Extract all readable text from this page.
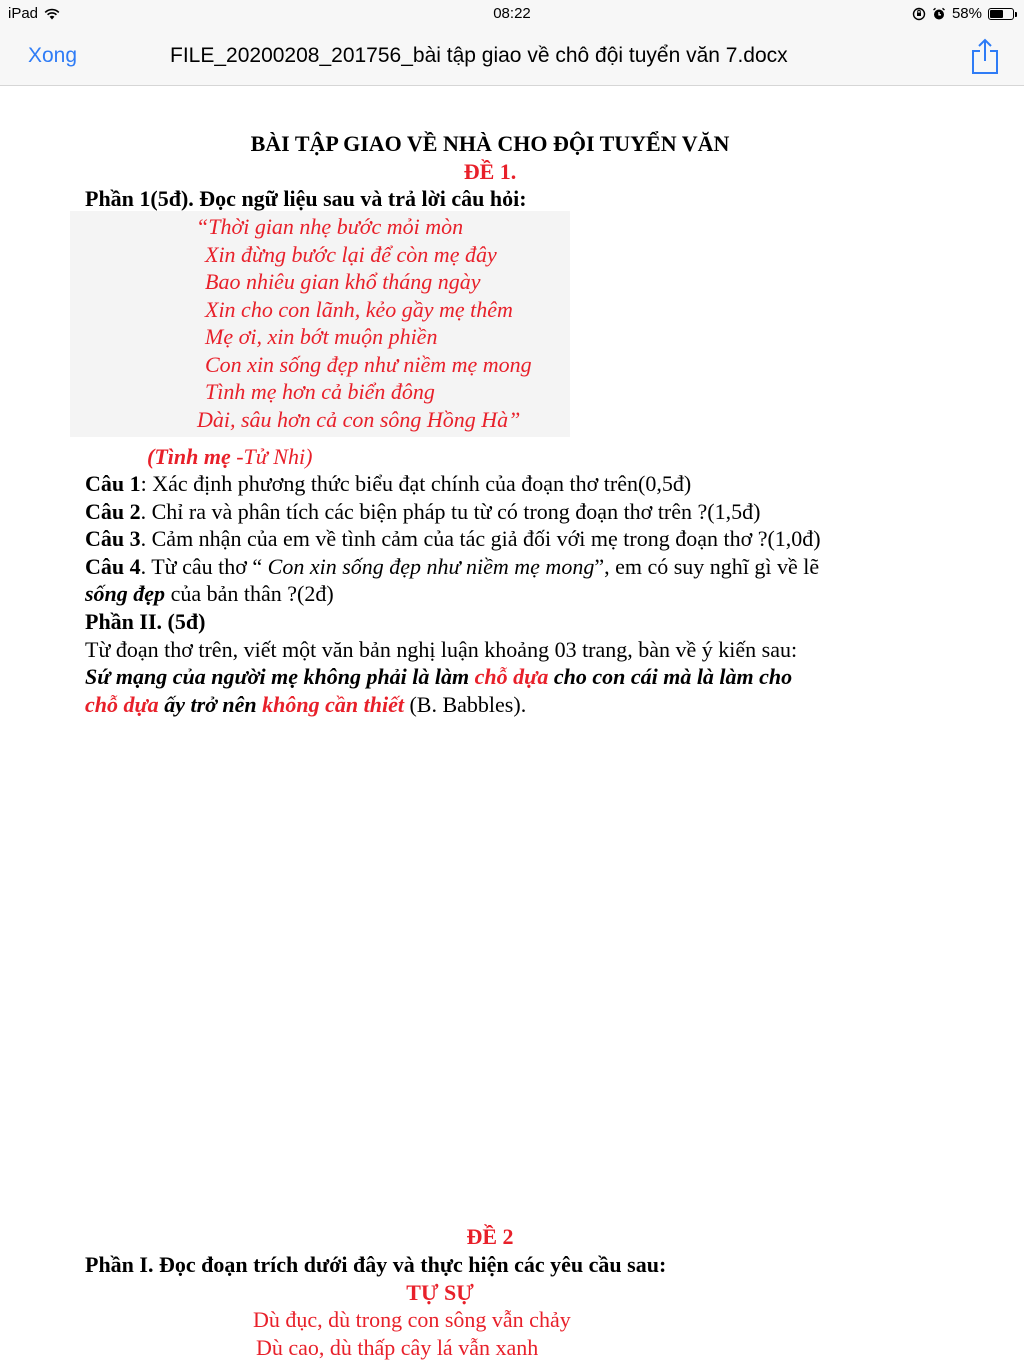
iPad	08:22	58%
Xong	FILE_20200208_201756_bài tập giao về chô đội tuyển văn 7.docx
BÀI TẬP GIAO VỀ NHÀ CHO ĐỘI TUYỂN VĂN
ĐỀ 1.
Phần 1(5đ). Đọc ngữ liệu sau và trả lời câu hỏi:
“Thời gian nhẹ bước mỏi mòn
Xin đừng bước lại để còn mẹ đây
Bao nhiêu gian khổ tháng ngày
Xin cho con lãnh, kẻo gầy mẹ thêm
Mẹ ơi, xin bớt muộn phiền
Con xin sống đẹp như niềm mẹ mong
Tình mẹ hơn cả biển đông
Dài, sâu hơn cả con sông Hồng Hà”
(Tình mẹ -Tử Nhi)
Câu 1: Xác định phương thức biểu đạt chính của đoạn thơ trên(0,5đ)
Câu 2. Chỉ ra và phân tích các biện pháp tu từ có trong đoạn thơ trên ?(1,5đ)
Câu 3. Cảm nhận của em về tình cảm của tác giả đối với mẹ trong đoạn thơ ?(1,0đ)
Câu 4. Từ câu thơ “ Con xin sống đẹp như niềm mẹ mong”, em có suy nghĩ gì về lẽ
sống đẹp của bản thân ?(2đ)
Phần II. (5đ)
Từ đoạn thơ trên, viết một văn bản nghị luận khoảng 03 trang, bàn về ý kiến sau:
Sứ mạng của người mẹ không phải là làm chỗ dựa cho con cái mà là làm cho
chỗ dựa ấy trở nên không cần thiết (B. Babbles).
ĐỀ 2
Phần I. Đọc đoạn trích dưới đây và thực hiện các yêu cầu sau:
TỰ SỰ
Dù đục, dù trong con sông vẫn chảy
Dù cao, dù thấp cây lá vẫn xanh
